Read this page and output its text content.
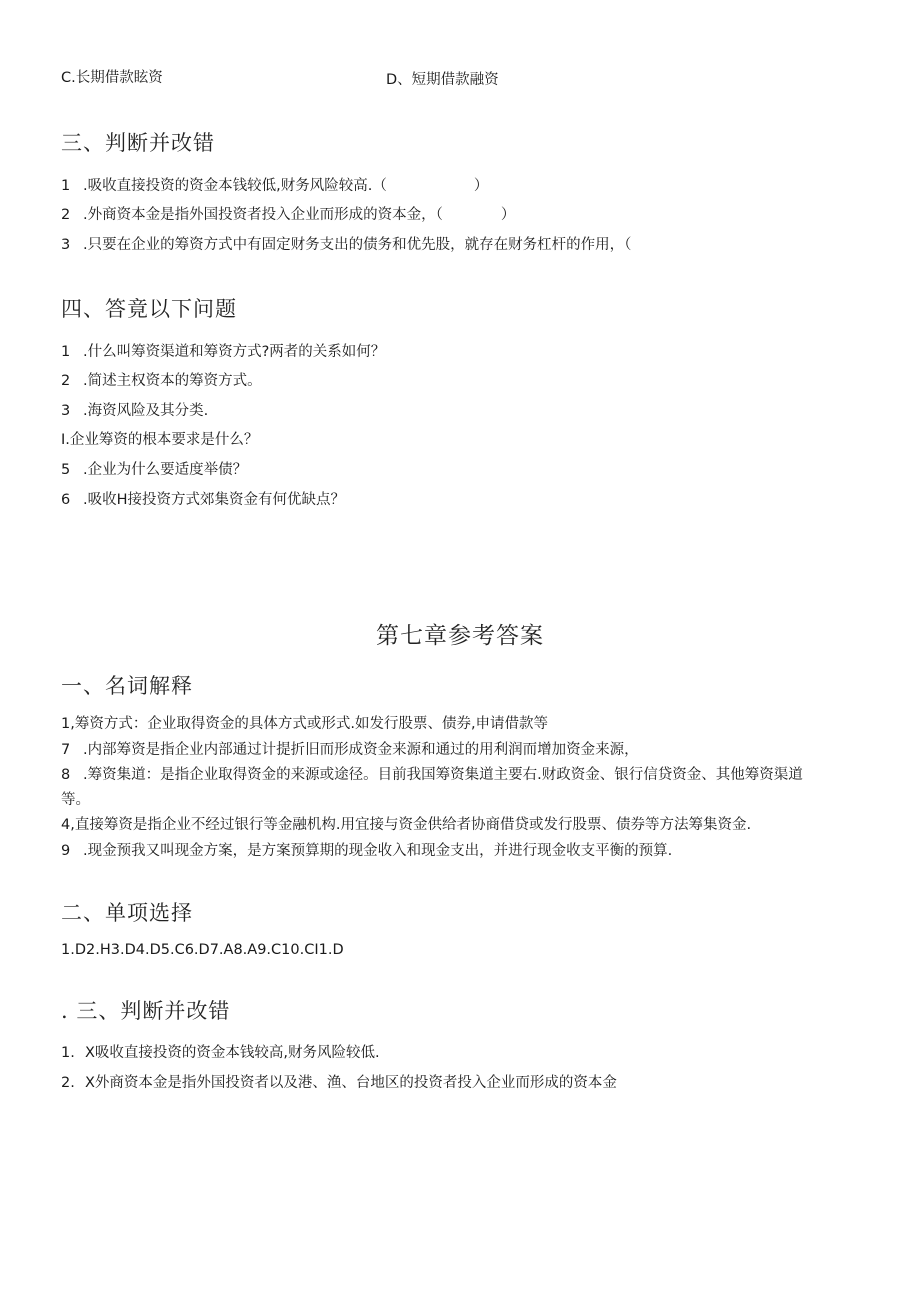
C.长期借款眩资	D、短期借款融资
三、判断并改错
1 .吸收直接投资的资金本钱较低,财务风险较高.（　　　　　　）
2 .外商资本金是指外国投资者投入企业而形成的资本金，（　　　　）
3 .只要在企业的筹资方式中有固定财务支出的债务和优先股，就存在财务杠杆的作用，（
四、答竟以下问题
1 .什么叫筹资渠道和筹资方式?两者的关系如何？
2 .简述主权资本的筹资方式。
3 .海资风险及其分类.
I.企业筹资的根本要求是什么？
5 .企业为什么要适度举债？
6 .吸收H接投资方式郊集资金有何优缺点？
第七章参考答案
一、名词解释
1,筹资方式：企业取得资金的具体方式或形式.如发行股票、债券,申请借款等
7 .内部筹资是指企业内部通过计提折旧而形成资金来源和通过的用利润而增加资金来源，
8 .筹资集道：是指企业取得资金的来源或途径。目前我国筹资集道主要右.财政资金、银行信贷资金、其他筹资渠道
等。
4,直接筹资是指企业不经过银行等金融机构.用宜接与资金供给者协商借贷或发行股票、债券等方法筹集资金.
9 .现金预我又叫现金方案，是方案预算期的现金收入和现金支出，并进行现金收支平衡的预算.
二、单项选择
1.D2.H3.D4.D5.C6.D7.A8.A9.C10.CI1.D
. 三、判断并改错
1. X吸收直接投资的资金本钱较高,财务风险较低.
2. X外商资本金是指外国投资者以及港、渔、台地区的投资者投入企业而形成的资本金
